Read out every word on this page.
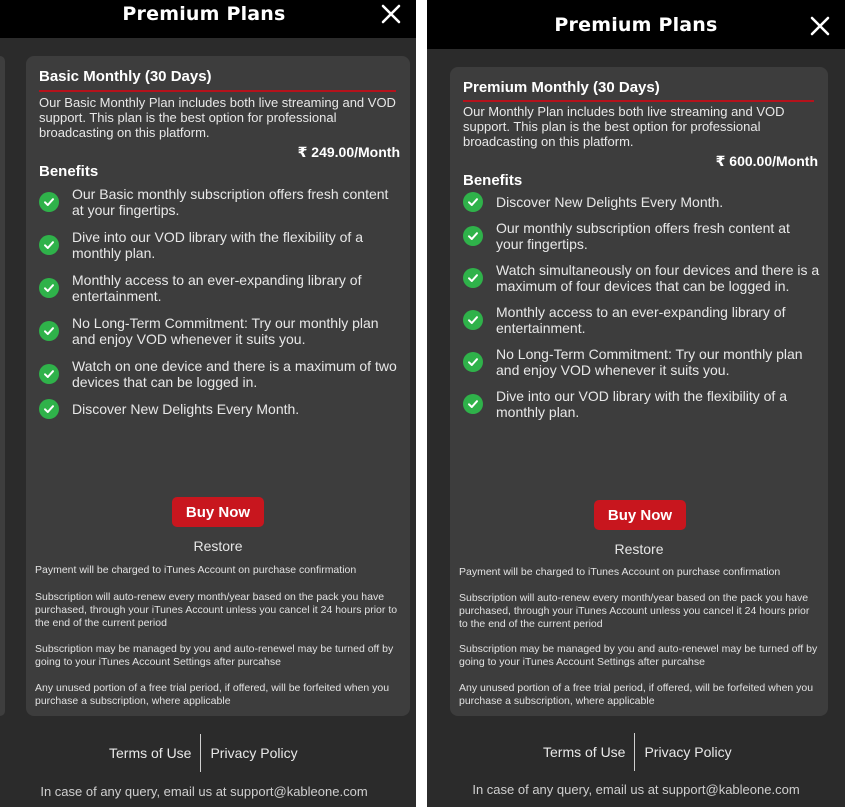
Premium Plans
Basic Monthly (30 Days)
Our Basic Monthly Plan includes both live streaming and VOD support. This plan is the best option for professional broadcasting on this platform.
₹ 249.00/Month
Benefits
Our Basic monthly subscription offers fresh content at your fingertips.
Dive into our VOD library with the flexibility of a monthly plan.
Monthly access to an ever-expanding library of entertainment.
No Long-Term Commitment: Try our monthly plan and enjoy VOD whenever it suits you.
Watch on one device and there is a maximum of two devices that can be logged in.
Discover New Delights Every Month.
Buy Now
Restore
Payment will be charged to iTunes Account on purchase confirmation
Subscription will auto-renew every month/year based on the pack you have purchased, through your iTunes Account unless you cancel it 24 hours prior to the end of the current period
Subscription may be managed by you and auto-renewel may be turned off by going to your iTunes Account Settings after purcahse
Any unused portion of a free trial period, if offered, will be forfeited when you purchase a subscription, where applicable
Terms of Use Privacy Policy
In case of any query, email us at support@kableone.com
Premium Plans
Premium Monthly (30 Days)
Our Monthly Plan includes both live streaming and VOD support. This plan is the best option for professional broadcasting on this platform.
₹ 600.00/Month
Benefits
Discover New Delights Every Month.
Our monthly subscription offers fresh content at your fingertips.
Watch simultaneously on four devices and there is a maximum of four devices that can be logged in.
Monthly access to an ever-expanding library of entertainment.
No Long-Term Commitment: Try our monthly plan and enjoy VOD whenever it suits you.
Dive into our VOD library with the flexibility of a monthly plan.
Buy Now
Restore
Payment will be charged to iTunes Account on purchase confirmation
Subscription will auto-renew every month/year based on the pack you have purchased, through your iTunes Account unless you cancel it 24 hours prior to the end of the current period
Subscription may be managed by you and auto-renewel may be turned off by going to your iTunes Account Settings after purcahse
Any unused portion of a free trial period, if offered, will be forfeited when you purchase a subscription, where applicable
Terms of Use Privacy Policy
In case of any query, email us at support@kableone.com
